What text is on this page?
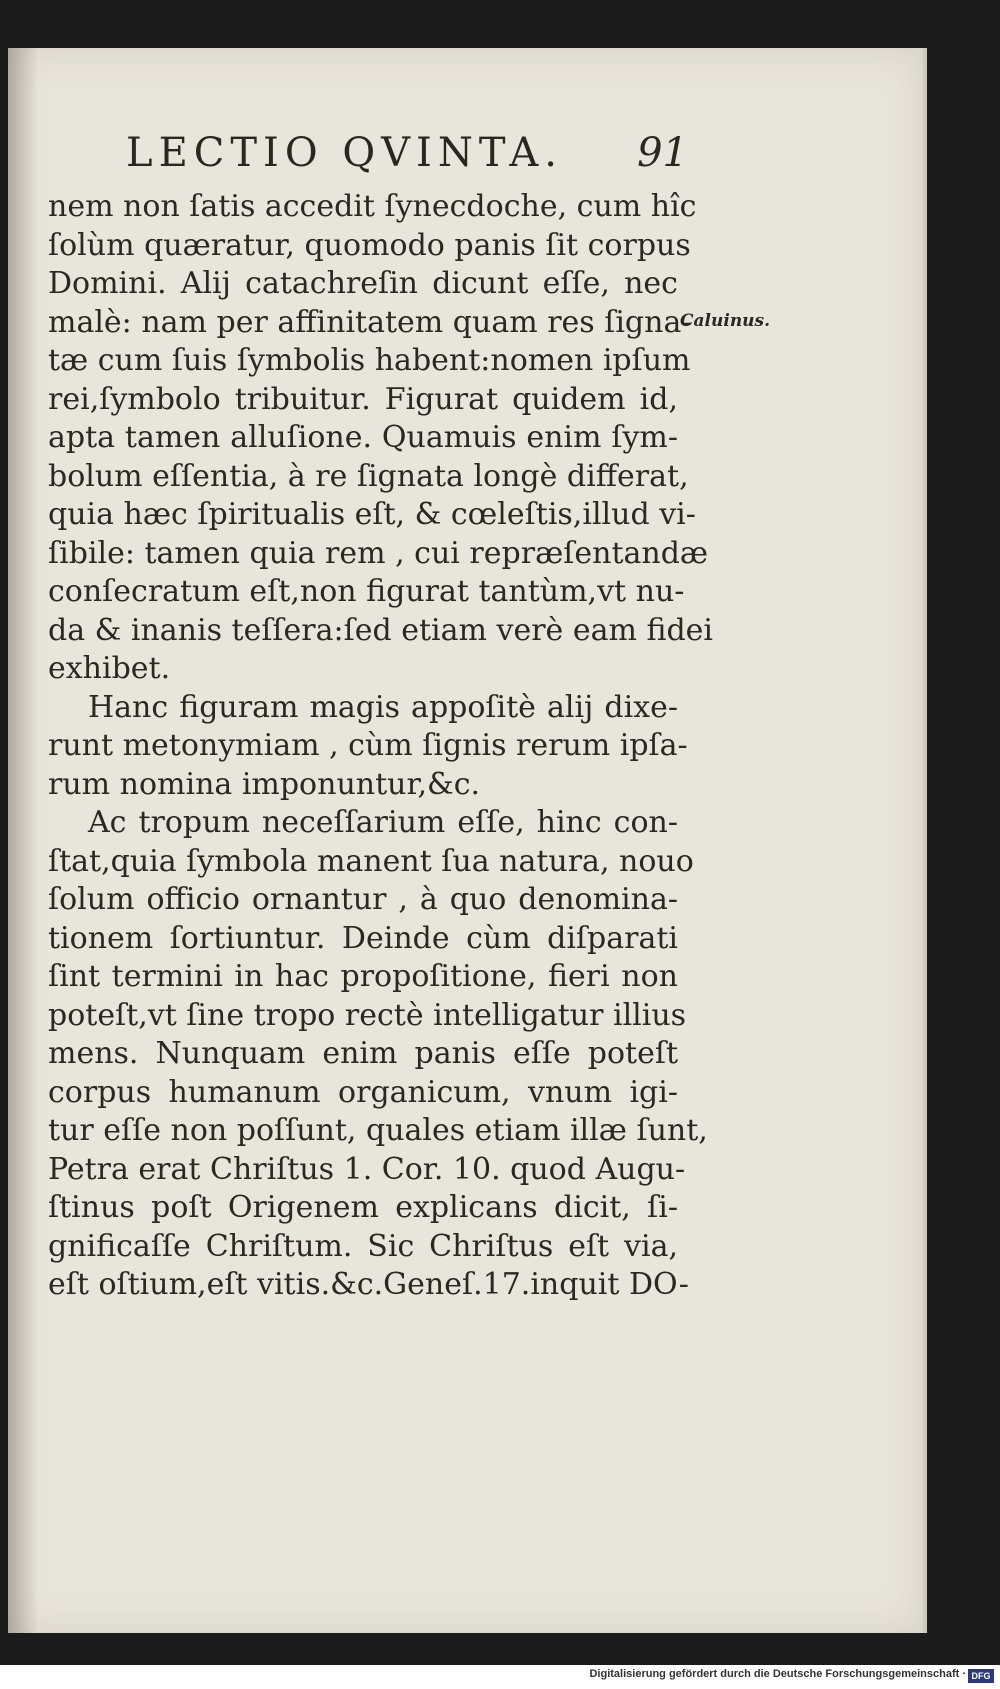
LECTIO QVINTA. 91
Caluinus.
nem non ſatis accedit ſynecdoche, cum hîc
ſolùm quæratur, quomodo panis ſit corpus
Domini. Alij catachreſin dicunt eſſe, nec
malè: nam per affinitatem quam res ſigna-
tæ cum ſuis ſymbolis habent:nomen ipſum
rei,ſymbolo tribuitur. Figurat quidem id,
apta tamen alluſione. Quamuis enim ſym-
bolum eſſentia, à re ſignata longè differat,
quia hæc ſpiritualis eſt, & cœleſtis,illud vi-
ſibile: tamen quia rem , cui repræſentandæ
conſecratum eſt,non figurat tantùm,vt nu-
da & inanis teſſera:ſed etiam verè eam fidei
exhibet.
Hanc figuram magis appoſitè alij dixe-
runt metonymiam , cùm ſignis rerum ipſa-
rum nomina imponuntur,&c.
Ac tropum neceſſarium eſſe, hinc con-
ſtat,quia ſymbola manent ſua natura, nouo
ſolum officio ornantur , à quo denomina-
tionem ſortiuntur. Deinde cùm diſparati
ſint termini in hac propoſitione, fieri non
poteſt,vt ſine tropo rectè intelligatur illius
mens. Nunquam enim panis eſſe poteſt
corpus humanum organicum, vnum igi-
tur eſſe non poſſunt, quales etiam illæ ſunt,
Petra erat Chriſtus 1. Cor. 10. quod Augu-
ſtinus poſt Origenem explicans dicit, ſi-
gnificaſſe Chriſtum. Sic Chriſtus eſt via,
eſt oſtium,eſt vitis.&c.Geneſ.17.inquit DO-
Digitalisierung gefördert durch die Deutsche Forschungsgemeinschaft · DFG
